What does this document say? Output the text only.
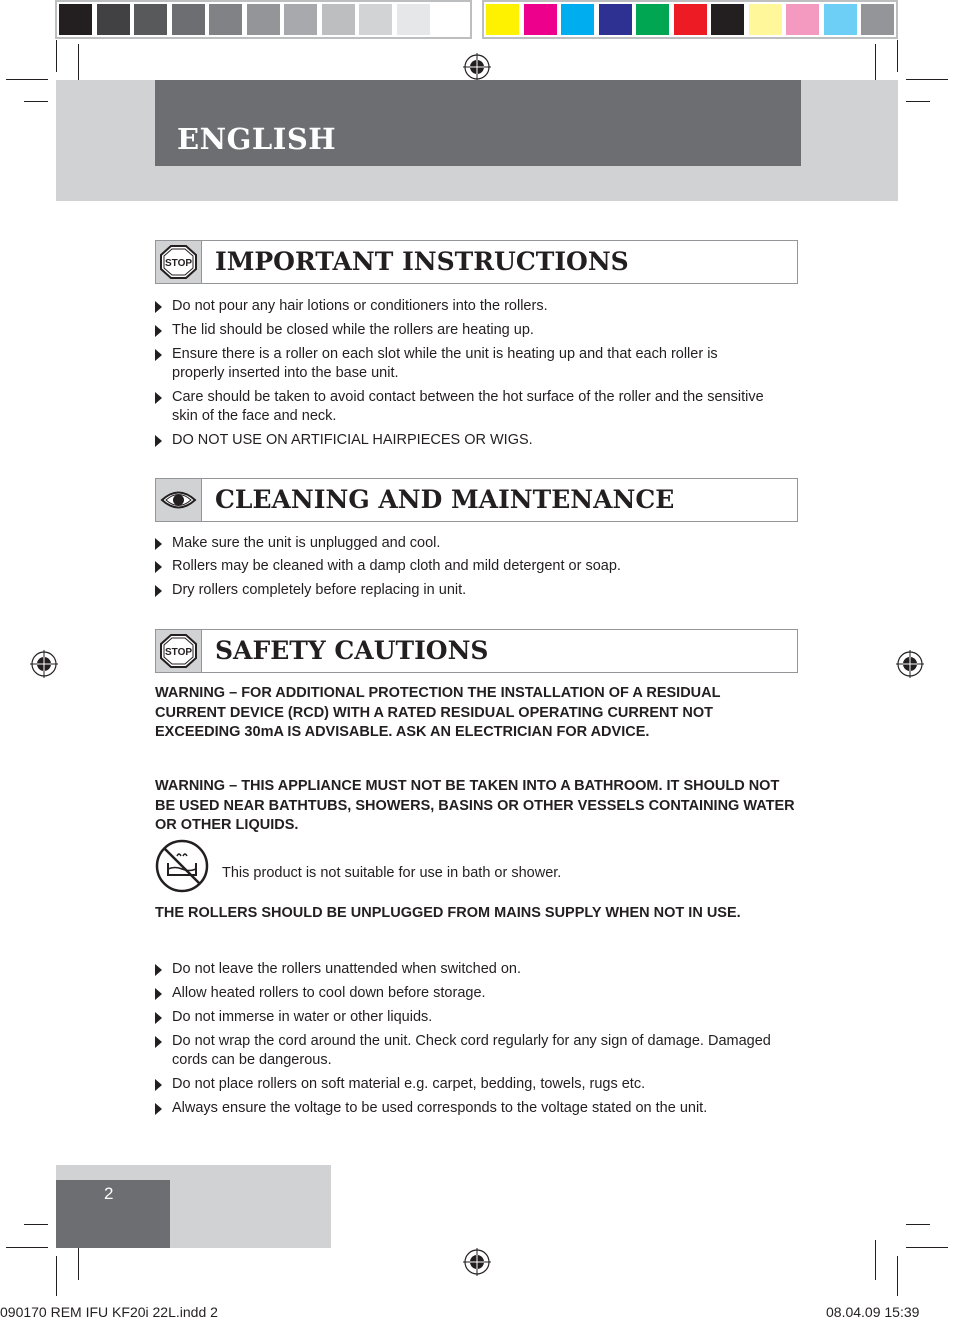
ENGLISH
STOP IMPORTANT INSTRUCTIONS
Do not pour any hair lotions or conditioners into the rollers.
The lid should be closed while the rollers are heating up.
Ensure there is a roller on each slot while the unit is heating up and that each roller is properly inserted into the base unit.
Care should be taken to avoid contact between the hot surface of the roller and the sensitive skin of the face and neck.
DO NOT USE ON ARTIFICIAL HAIRPIECES OR WIGS.
CLEANING AND MAINTENANCE
Make sure the unit is unplugged and cool.
Rollers may be cleaned with a damp cloth and mild detergent or soap.
Dry rollers completely before replacing in unit.
STOP SAFETY CAUTIONS
WARNING – FOR ADDITIONAL PROTECTION THE INSTALLATION OF A RESIDUAL CURRENT DEVICE (RCD) WITH A RATED RESIDUAL OPERATING CURRENT NOT EXCEEDING 30mA IS ADVISABLE. ASK AN ELECTRICIAN FOR ADVICE.
WARNING – THIS APPLIANCE MUST NOT BE TAKEN INTO A BATHROOM. IT SHOULD NOT BE USED NEAR BATHTUBS, SHOWERS, BASINS OR OTHER VESSELS CONTAINING WATER OR OTHER LIQUIDS.
This product is not suitable for use in bath or shower.
THE ROLLERS SHOULD BE UNPLUGGED FROM MAINS SUPPLY WHEN NOT IN USE.
Do not leave the rollers unattended when switched on.
Allow heated rollers to cool down before storage.
Do not immerse in water or other liquids.
Do not wrap the cord around the unit. Check cord regularly for any sign of damage. Damaged cords can be dangerous.
Do not place rollers on soft material e.g. carpet, bedding, towels, rugs etc.
Always ensure the voltage to be used corresponds to the voltage stated on the unit.
2
090170 REM IFU KF20i 22L.indd 2	08.04.09 15:39
